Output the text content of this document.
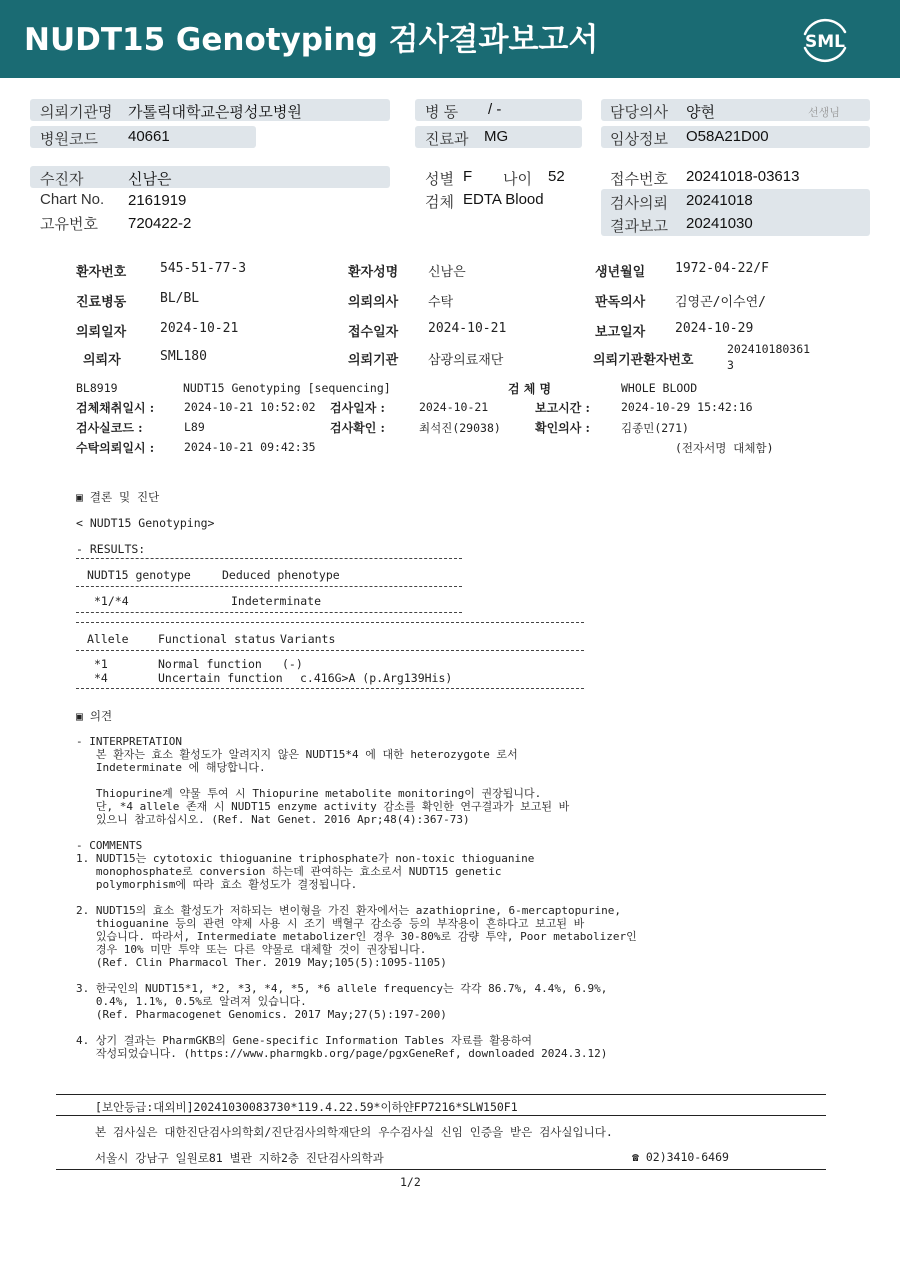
NUDT15 Genotyping 검사결과보고서	SML
의뢰기관명 가톨릭대학교은평성모병원
병원코드 40661
병 동 / -
진료과 MG
담당의사 양현	선생님
임상정보 O58A21D00
수진자	신남은
Chart No. 2161919
고유번호 720422-2
성별 F 나이 52
검체 EDTA Blood
접수번호 20241018-03613
검사의뢰 20241018
결과보고 20241030
환자번호	545-51-77-3	환자성명 신남은	생년월일 1972-04-22/F
진료병동	BL/BL	의뢰의사 수탁	판독의사 김영곤/이수연/
의뢰일자	2024-10-21	접수일자 2024-10-21	보고일자 2024-10-29
의뢰자	SML180	의뢰기관 삼광의료재단	의뢰기관환자번호
202410180361
3
BL8919	NUDT15 Genotyping [sequencing]	검 체 명	WHOLE BLOOD
검체채취일시 :	2024-10-21 10:52:02 검사일자 :	2024-10-21	보고시간 :	2024-10-29 15:42:16
검사실코드 :	L89	검사확인 :	최석진(29038)	확인의사 :	김종민(271)
수탁의뢰일시 :	2024-10-21 09:42:35	(전자서명 대체함)
▣ 결론 및 진단
< NUDT15 Genotyping>
- RESULTS:
NUDT15 genotype	Deduced phenotype
*1/*4	Indeterminate
Allele	Functional status Variants
*1	Normal function (-)
*4	Uncertain function c.416G>A (p.Arg139His)
▣ 의견
- INTERPRETATION
본 환자는 효소 활성도가 알려지지 않은 NUDT15*4 에 대한 heterozygote 로서
Indeterminate 에 해당합니다.

Thiopurine계 약물 투여 시 Thiopurine metabolite monitoring이 권장됩니다.
단, *4 allele 존재 시 NUDT15 enzyme activity 감소를 확인한 연구결과가 보고된 바
있으니 참고하십시오. (Ref. Nat Genet. 2016 Apr;48(4):367-73)

- COMMENTS
1. NUDT15는 cytotoxic thioguanine triphosphate가 non-toxic thioguanine
monophosphate로 conversion 하는데 관여하는 효소로서 NUDT15 genetic
polymorphism에 따라 효소 활성도가 결정됩니다.

2. NUDT15의 효소 활성도가 저하되는 변이형을 가진 환자에서는 azathioprine, 6-mercaptopurine,
thioguanine 등의 관련 약제 사용 시 조기 백혈구 감소증 등의 부작용이 흔하다고 보고된 바
있습니다. 따라서, Intermediate metabolizer인 경우 30-80%로 감량 투약, Poor metabolizer인
경우 10% 미만 투약 또는 다른 약물로 대체할 것이 권장됩니다.
(Ref. Clin Pharmacol Ther. 2019 May;105(5):1095-1105)

3. 한국인의 NUDT15*1, *2, *3, *4, *5, *6 allele frequency는 각각 86.7%, 4.4%, 6.9%,
0.4%, 1.1%, 0.5%로 알려져 있습니다.
(Ref. Pharmacogenet Genomics. 2017 May;27(5):197-200)

4. 상기 결과는 PharmGKB의 Gene-specific Information Tables 자료를 활용하여
작성되었습니다. (https://www.pharmgkb.org/page/pgxGeneRef, downloaded 2024.3.12)
[보안등급:대외비]20241030083730*119.4.22.59*이하얀FP7216*SLW150F1
본 검사실은 대한진단검사의학회/진단검사의학재단의 우수검사실 신임 인증을 받은 검사실입니다.
서울시 강남구 일원로81 별관 지하2층 진단검사의학과	☎ 02)3410-6469
1/2
